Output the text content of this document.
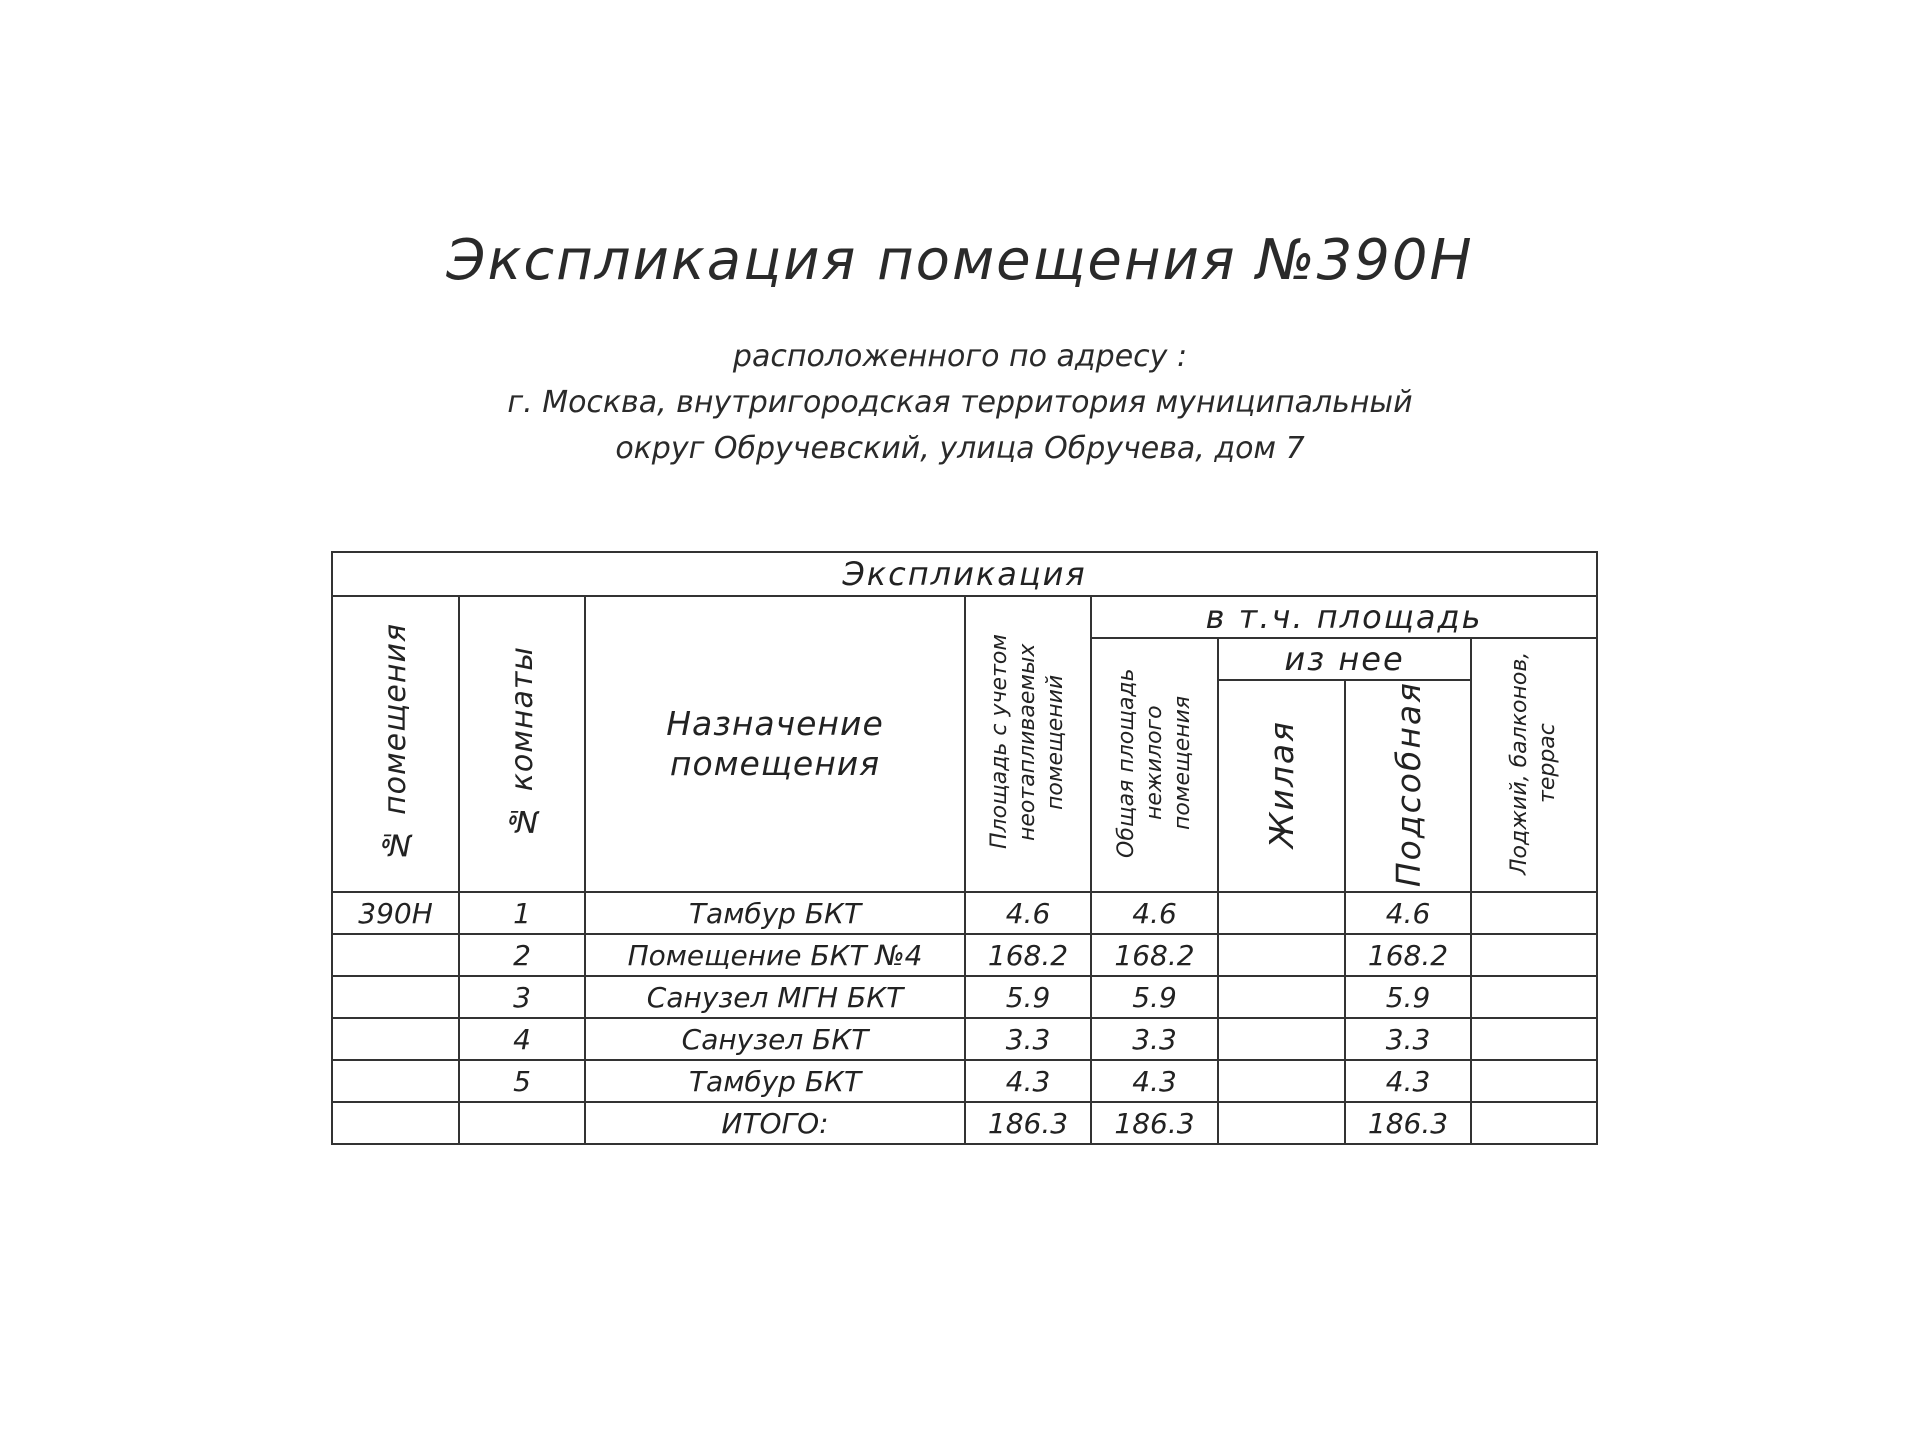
Экспликация помещения №390Н
расположенного по адресу :
г. Москва, внутригородская территория муниципальный
округ Обручевский, улица Обручева, дом 7
Экспликация							
№ помещения	№ комнаты	Назначение помещения	Площадь с учетом неотапливаемых помещений	в т.ч. площадь			
				Общая площадь нежилого помещения	из нее		Лоджий, балконов, террас
					Жилая	Подсобная	
390Н	1	Тамбур БКТ	4.6	4.6		4.6	
	2	Помещение БКТ №4	168.2	168.2		168.2	
	3	Санузел МГН БКТ	5.9	5.9		5.9	
	4	Санузел БКТ	3.3	3.3		3.3	
	5	Тамбур БКТ	4.3	4.3		4.3	
		ИТОГО:	186.3	186.3		186.3	
